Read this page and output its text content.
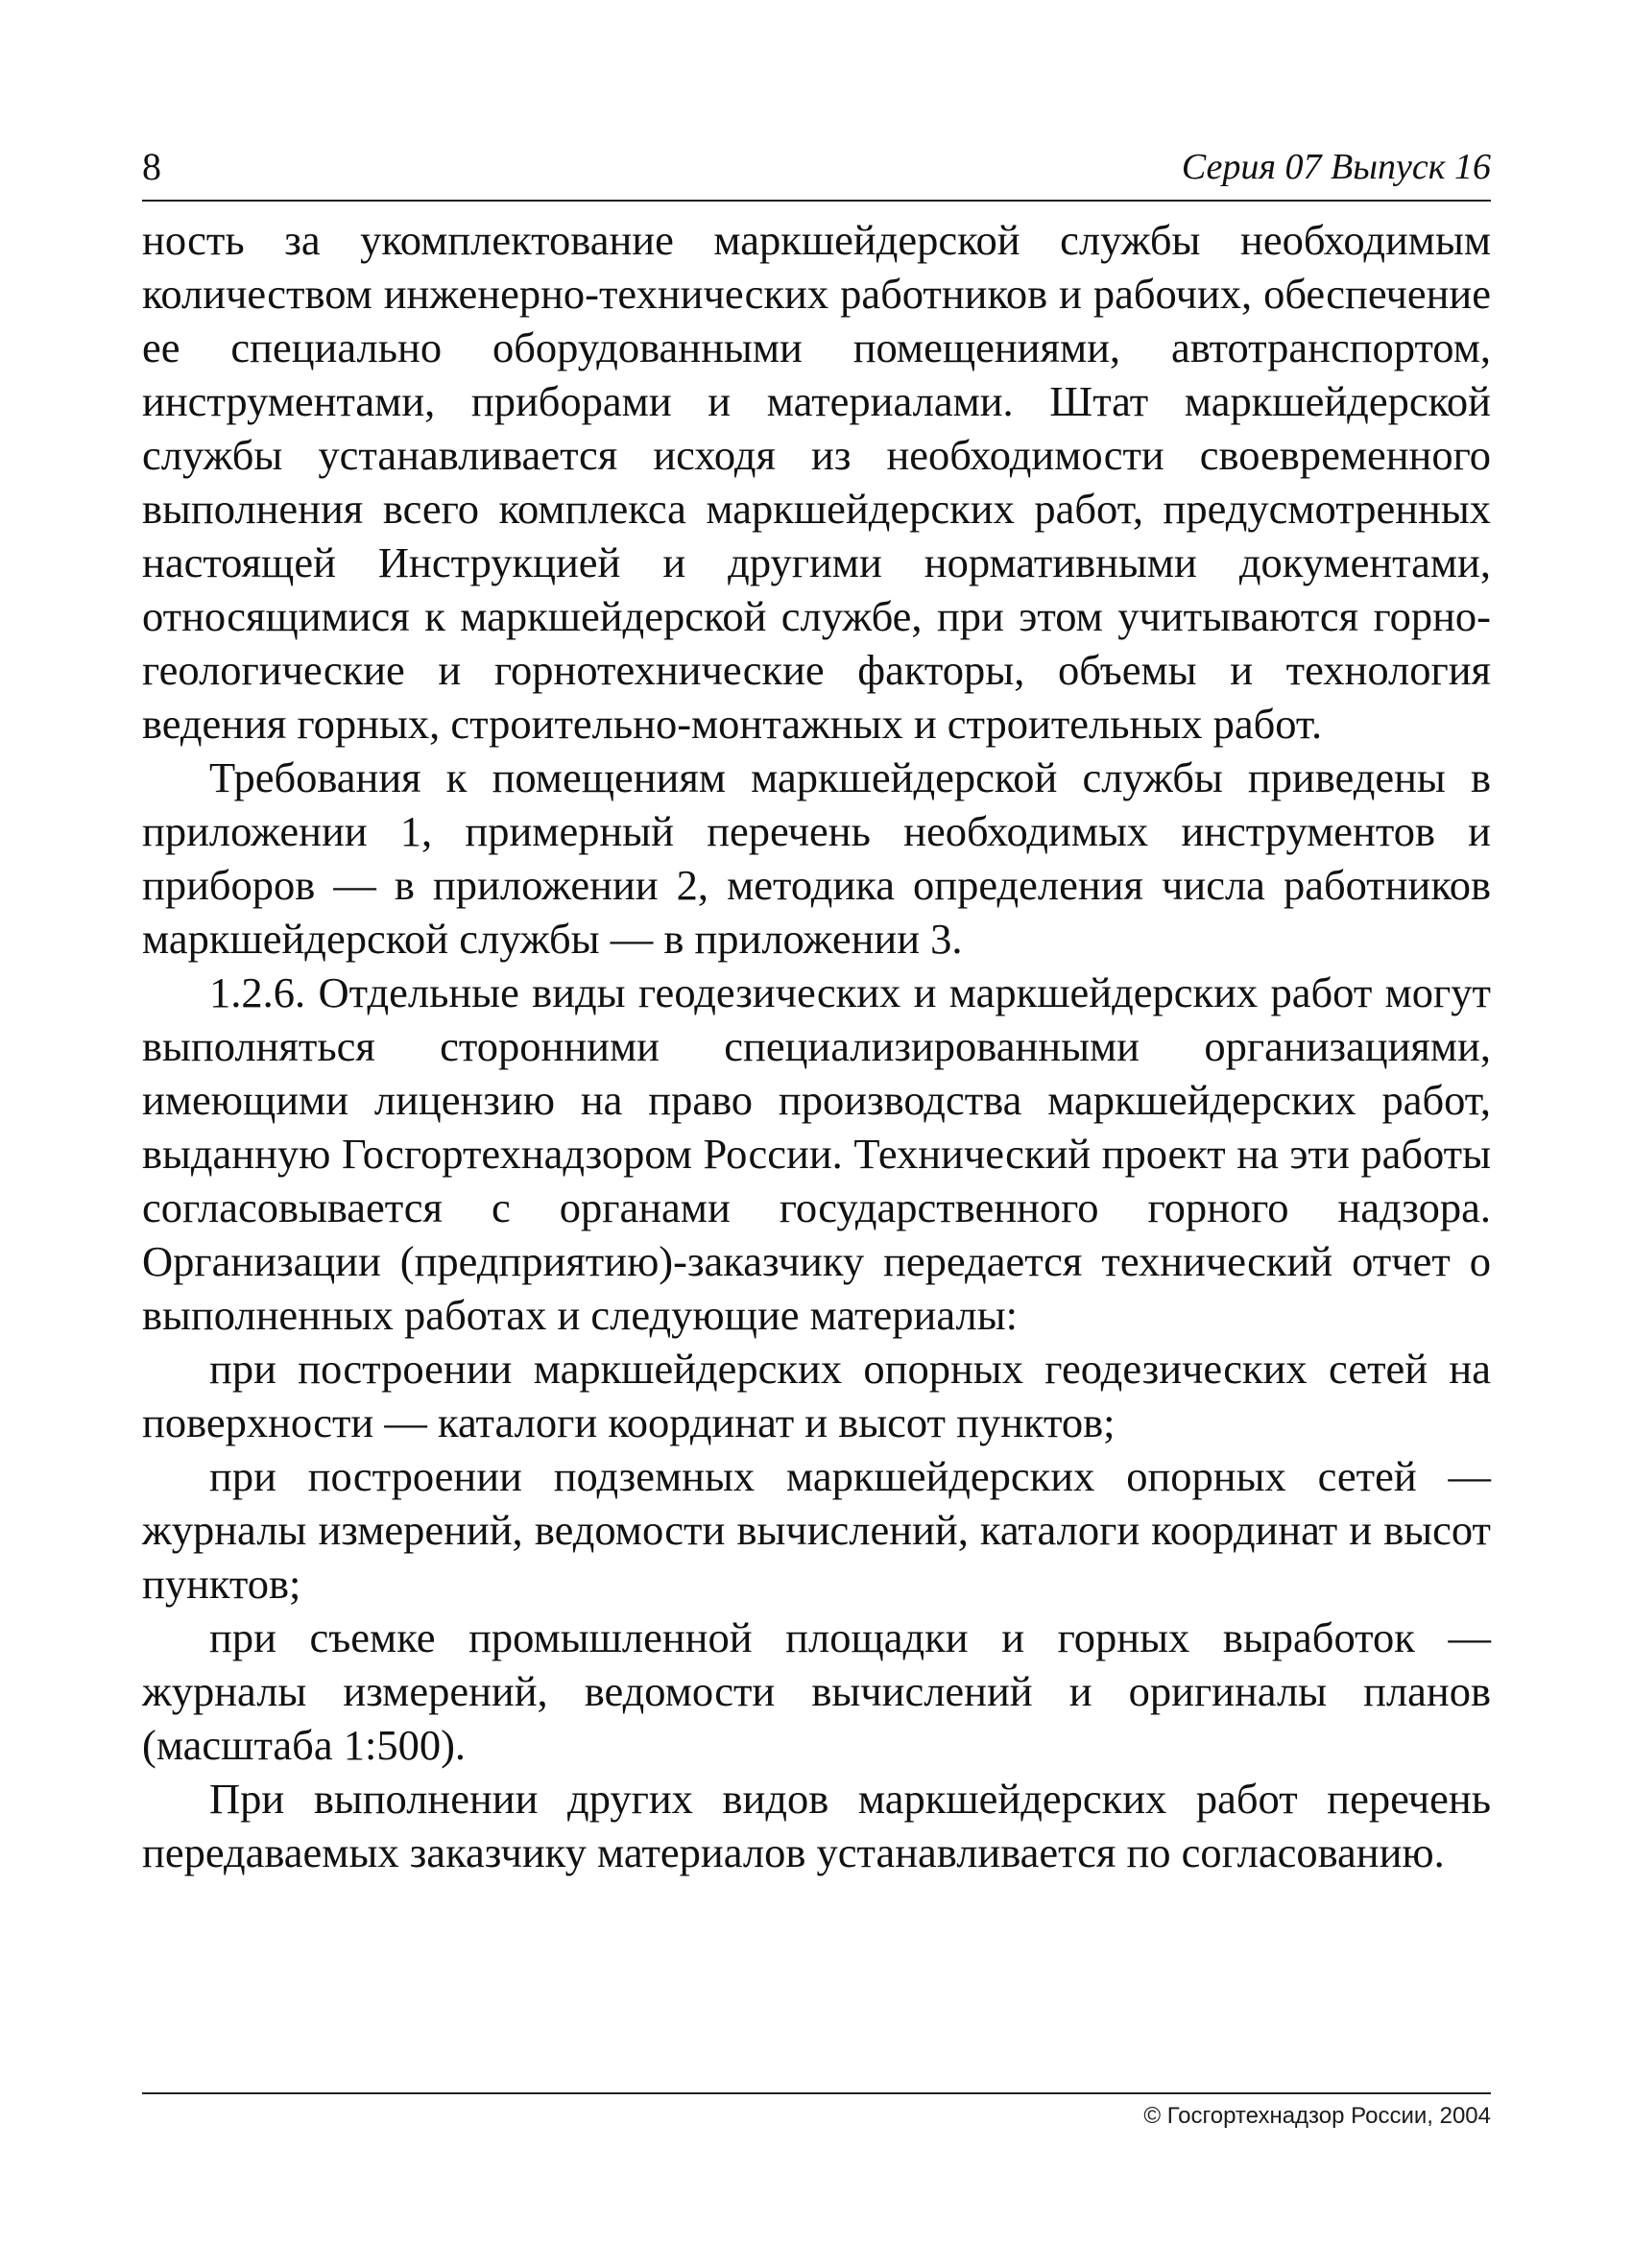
8	Серия 07 Выпуск 16

ность за укомплектование маркшейдерской службы необходимым количеством инженерно-технических работников и рабочих, обеспечение ее специально оборудованными помещениями, автотранспортом, инструментами, приборами и материалами. Штат маркшейдерской службы устанавливается исходя из необходимости своевременного выполнения всего комплекса маркшейдерских работ, предусмотренных настоящей Инструкцией и другими нормативными документами, относящимися к маркшейдерской службе, при этом учитываются горно-геологические и горнотехнические факторы, объемы и технология ведения горных, строительно-монтажных и строительных работ.

Требования к помещениям маркшейдерской службы приведены в приложении 1, примерный перечень необходимых инструментов и приборов — в приложении 2, методика определения числа работников маркшейдерской службы — в приложении 3.

1.2.6. Отдельные виды геодезических и маркшейдерских работ могут выполняться сторонними специализированными организациями, имеющими лицензию на право производства маркшейдерских работ, выданную Госгортехнадзором России. Технический проект на эти работы согласовывается с органами государственного горного надзора. Организации (предприятию)-заказчику передается технический отчет о выполненных работах и следующие материалы:

при построении маркшейдерских опорных геодезических сетей на поверхности — каталоги координат и высот пунктов;

при построении подземных маркшейдерских опорных сетей — журналы измерений, ведомости вычислений, каталоги координат и высот пунктов;

при съемке промышленной площадки и горных выработок — журналы измерений, ведомости вычислений и оригиналы планов (масштаба 1:500).

При выполнении других видов маркшейдерских работ перечень передаваемых заказчику материалов устанавливается по согласованию.

© Госгортехнадзор России, 2004
